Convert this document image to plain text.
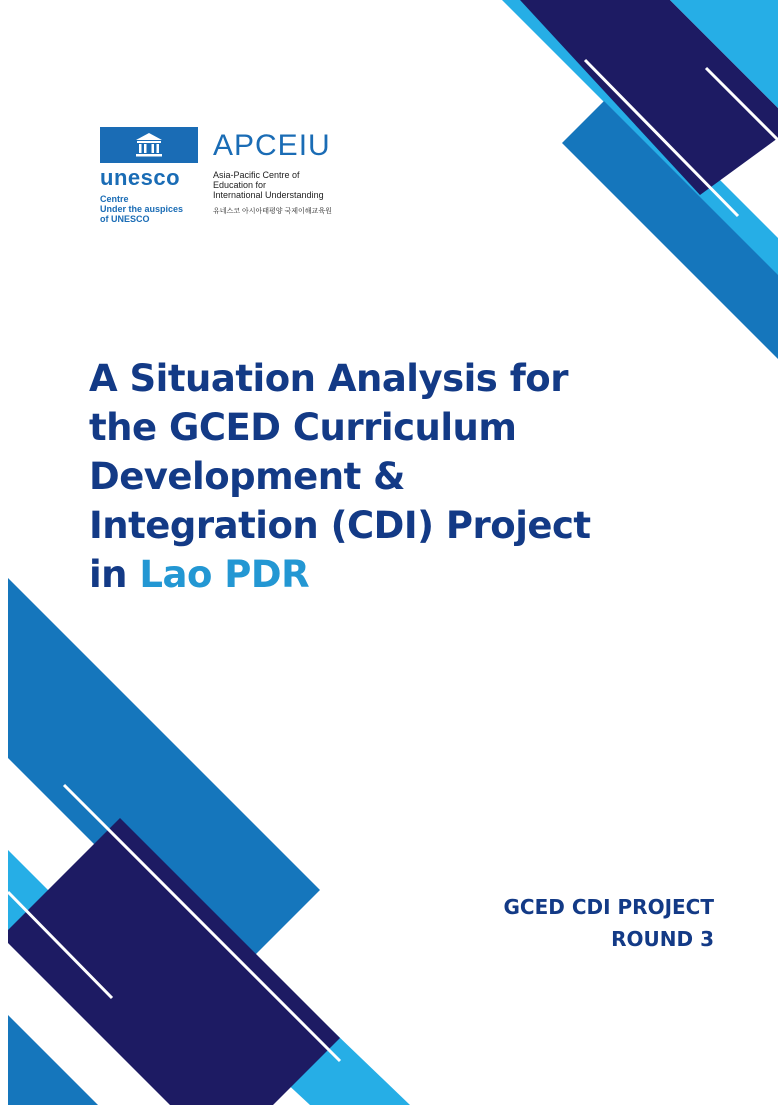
unesco
Centre
Under the auspices
of UNESCO
APCEIU
Asia-Pacific Centre of
Education for
International Understanding
유네스코 아시아태평양 국제이해교육원
A Situation Analysis for
the GCED Curriculum
Development &
Integration (CDI) Project
in Lao PDR
GCED CDI PROJECT
ROUND 3
